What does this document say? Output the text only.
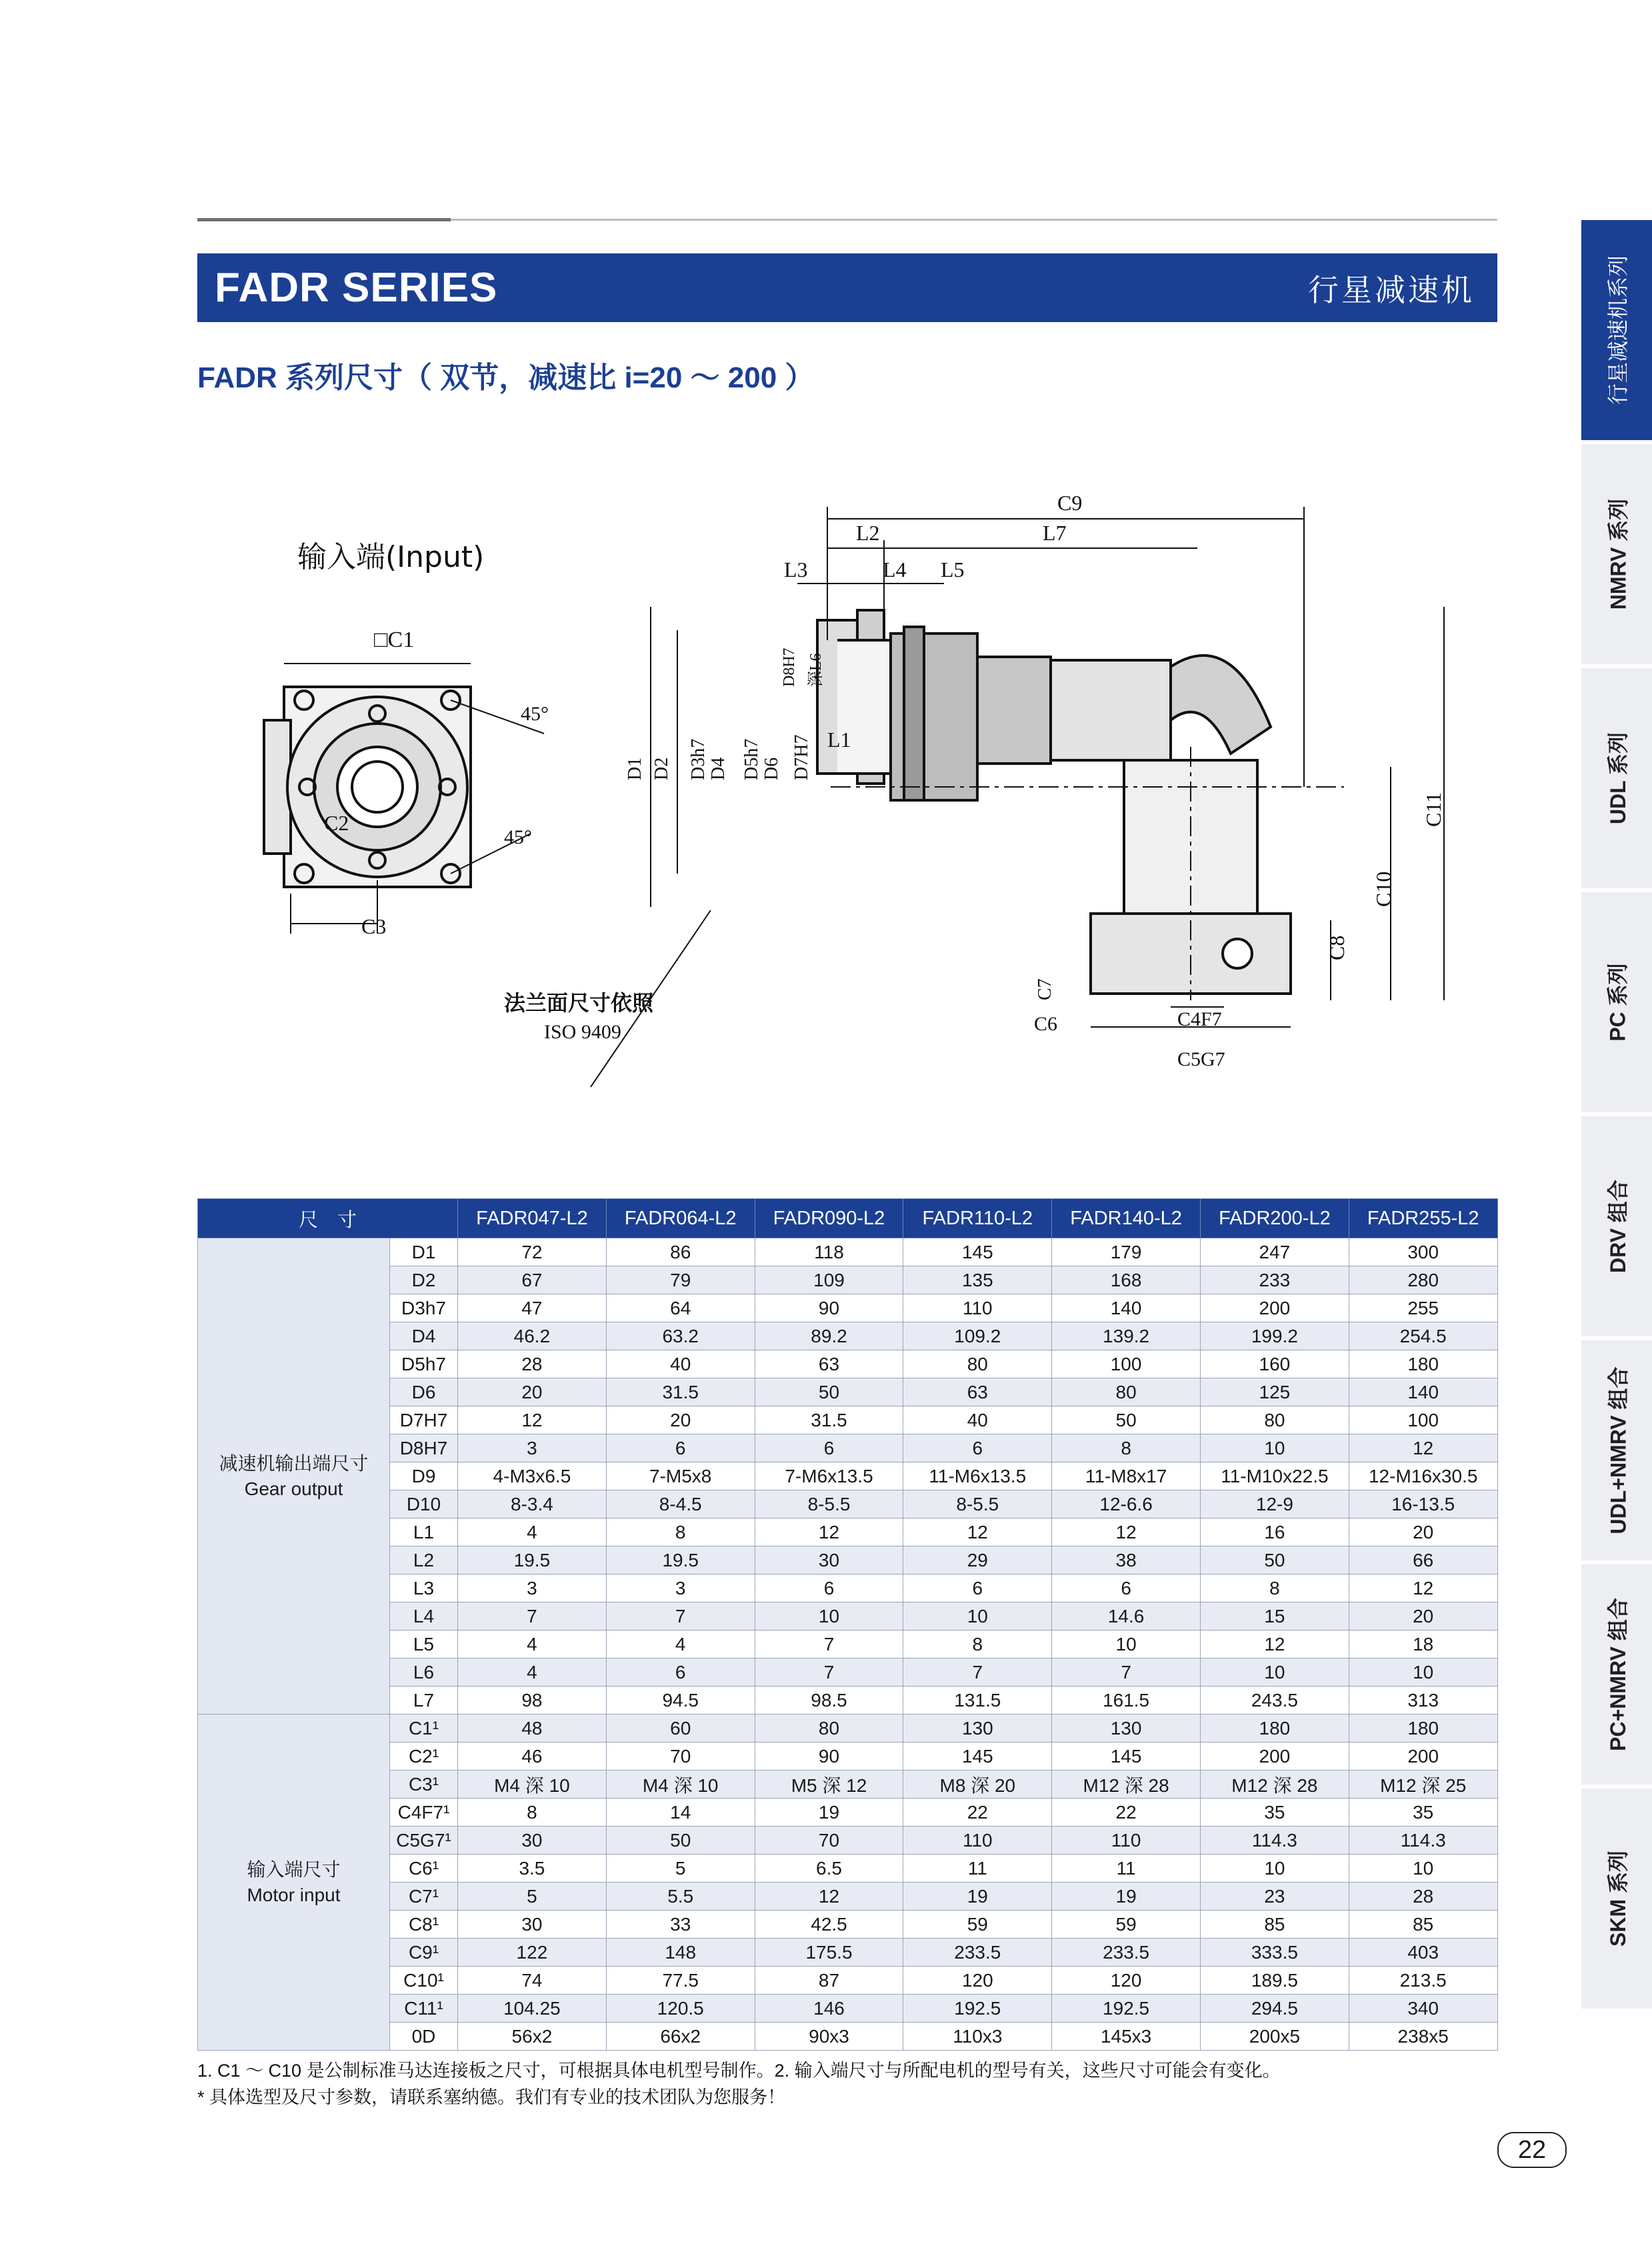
FADR SERIES	行星减速机
FADR 系列尺寸（ 双节，减速比 i=20 ～ 200 ）	行星减速机系列
NMRV 系列
UDL 系列
PC 系列
DRV 组合
UDL+NMRV 组合
PC+NMRV 组合
SKM 系列
输入端(Input)
□C1
C2
C3
45°
45°
C9
L2	L7
L3	L4 L5
L1
D1 D2 D3h7 D4 D5h7 D6 D7H7
D8H7 深L6
C11
C10
C8
C7
C6	C4F7
C5G7
法兰面尺寸依照
ISO 9409
尺　寸		FADR047-L2	FADR064-L2	FADR090-L2	FADR110-L2	FADR140-L2	FADR200-L2	FADR255-L2

减速机输出端尺寸
Gear output	D1	72	86	118	145	179	247	300
	D2	67	79	109	135	168	233	280
	D3h7	47	64	90	110	140	200	255
	D4	46.2	63.2	89.2	109.2	139.2	199.2	254.5
	D5h7	28	40	63	80	100	160	180
	D6	20	31.5	50	63	80	125	140
	D7H7	12	20	31.5	40	50	80	100
	D8H7	3	6	6	6	8	10	12
	D9	4-M3x6.5	7-M5x8	7-M6x13.5	11-M6x13.5	11-M8x17	11-M10x22.5	12-M16x30.5
	D10	8-3.4	8-4.5	8-5.5	8-5.5	12-6.6	12-9	16-13.5
	L1	4	8	12	12	12	16	20
	L2	19.5	19.5	30	29	38	50	66
	L3	3	3	6	6	6	8	12
	L4	7	7	10	10	14.6	15	20
	L5	4	4	7	8	10	12	18
	L6	4	6	7	7	7	10	10
	L7	98	94.5	98.5	131.5	161.5	243.5	313

输入端尺寸
Motor input	C1¹	48	60	80	130	130	180	180
	C2¹	46	70	90	145	145	200	200
	C3¹	M4 深 10	M4 深 10	M5 深 12	M8 深 20	M12 深 28	M12 深 28	M12 深 25
	C4F7¹	8	14	19	22	22	35	35
	C5G7¹	30	50	70	110	110	114.3	114.3
	C6¹	3.5	5	6.5	11	11	10	10
	C7¹	5	5.5	12	19	19	23	28
	C8¹	30	33	42.5	59	59	85	85
	C9¹	122	148	175.5	233.5	233.5	333.5	403
	C10¹	74	77.5	87	120	120	189.5	213.5
	C11¹	104.25	120.5	146	192.5	192.5	294.5	340
	0D	56x2	66x2	90x3	110x3	145x3	200x5	238x5
1. C1 ～ C10 是公制标准马达连接板之尺寸，可根据具体电机型号制作。2. 输入端尺寸与所配电机的型号有关，这些尺寸可能会有变化。
* 具体选型及尺寸参数，请联系塞纳德。我们有专业的技术团队为您服务！
22
